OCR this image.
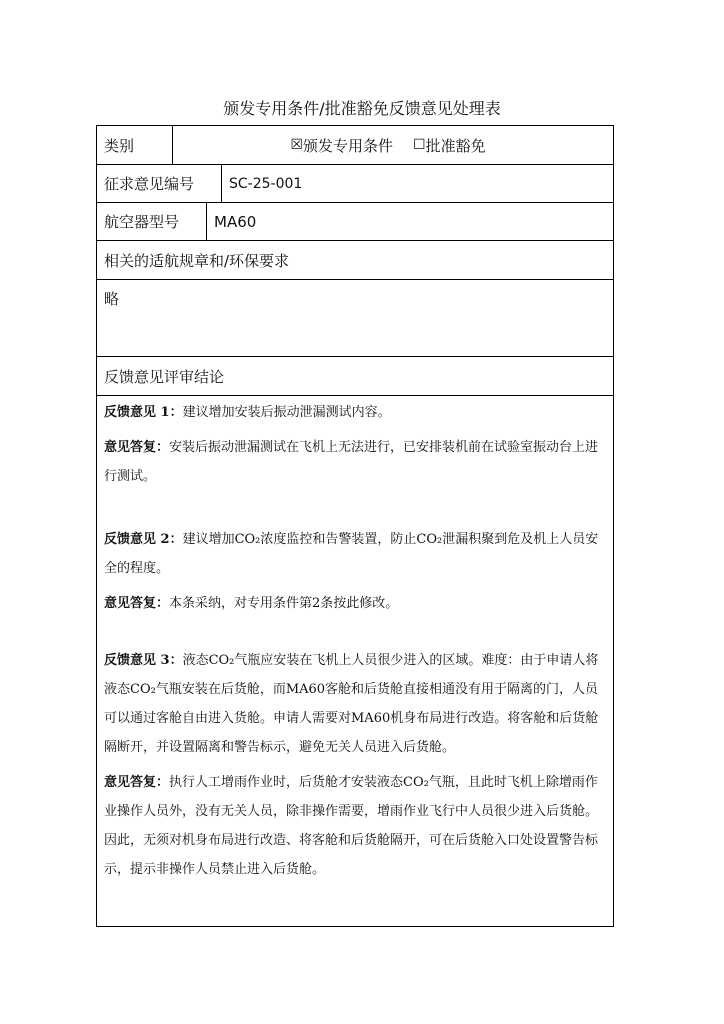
颁发专用条件/批准豁免反馈意见处理表
类别	☒ 颁发专用条件 ☐ 批准豁免
征求意见编号	SC-25-001
航空器型号	MA60
相关的适航规章和/环保要求
略
反馈意见评审结论

反馈意见 1：建议增加安装后振动泄漏测试内容。

意见答复：安装后振动泄漏测试在飞机上无法进行，已安排装机前在试验室振动台上进行测试。

反馈意见 2：建议增加CO₂浓度监控和告警装置，防止CO₂泄漏积聚到危及机上人员安全的程度。

意见答复：本条采纳，对专用条件第2条按此修改。

反馈意见 3：液态CO₂气瓶应安装在飞机上人员很少进入的区域。难度：由于申请人将液态CO₂气瓶安装在后货舱，而MA60客舱和后货舱直接相通没有用于隔离的门，人员可以通过客舱自由进入货舱。申请人需要对MA60机身布局进行改造。将客舱和后货舱隔断开，并设置隔离和警告标示，避免无关人员进入后货舱。

意见答复：执行人工增雨作业时，后货舱才安装液态CO₂气瓶，且此时飞机上除增雨作业操作人员外，没有无关人员，除非操作需要，增雨作业飞行中人员很少进入后货舱。因此，无须对机身布局进行改造、将客舱和后货舱隔开，可在后货舱入口处设置警告标示，提示非操作人员禁止进入后货舱。
